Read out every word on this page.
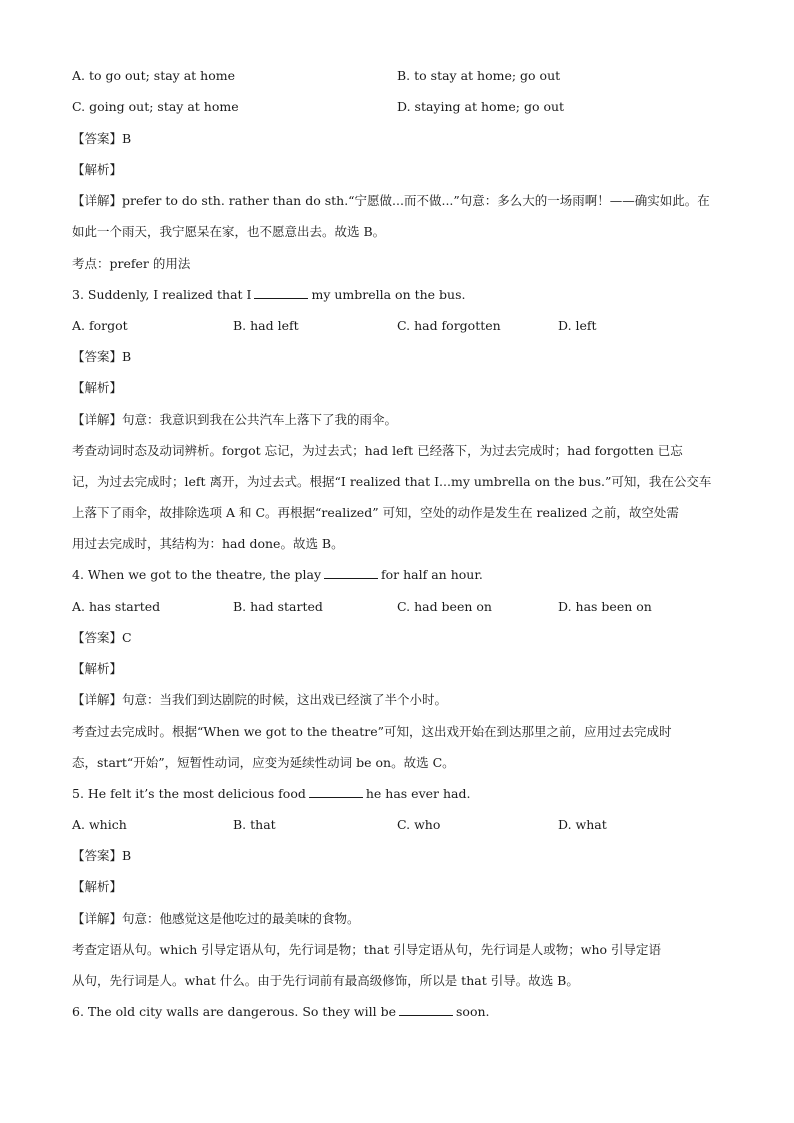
A. to go out; stay at home	B. to stay at home; go out
C. going out; stay at home	D. staying at home; go out
【答案】B
【解析】
【详解】prefer to do sth. rather than do sth.“宁愿做...而不做...”句意：多么大的一场雨啊！——确实如此。在
如此一个雨天，我宁愿呆在家，也不愿意出去。故选 B。
考点：prefer 的用法
3. Suddenly, I realized that I	my umbrella on the bus.
A. forgot	B. had left	C. had forgotten	D. left
【答案】B
【解析】
【详解】句意：我意识到我在公共汽车上落下了我的雨伞。
考查动词时态及动词辨析。forgot 忘记，为过去式；had left 已经落下，为过去完成时；had forgotten 已忘
记，为过去完成时；left 离开，为过去式。根据“I realized that I...my umbrella on the bus.”可知，我在公交车
上落下了雨伞，故排除选项 A 和 C。再根据“realized” 可知，空处的动作是发生在 realized 之前，故空处需
用过去完成时，其结构为：had done。故选 B。
4. When we got to the theatre, the play	for half an hour.
A. has started	B. had started	C. had been on	D. has been on
【答案】C
【解析】
【详解】句意：当我们到达剧院的时候，这出戏已经演了半个小时。
考查过去完成时。根据“When we got to the theatre”可知，这出戏开始在到达那里之前，应用过去完成时
态，start“开始”，短暂性动词，应变为延续性动词 be on。故选 C。
5. He felt it’s the most delicious food	he has ever had.
A. which	B. that	C. who	D. what
【答案】B
【解析】
【详解】句意：他感觉这是他吃过的最美味的食物。
考查定语从句。which 引导定语从句，先行词是物；that 引导定语从句，先行词是人或物；who 引导定语
从句，先行词是人。what 什么。由于先行词前有最高级修饰，所以是 that 引导。故选 B。
6. The old city walls are dangerous. So they will be	soon.
